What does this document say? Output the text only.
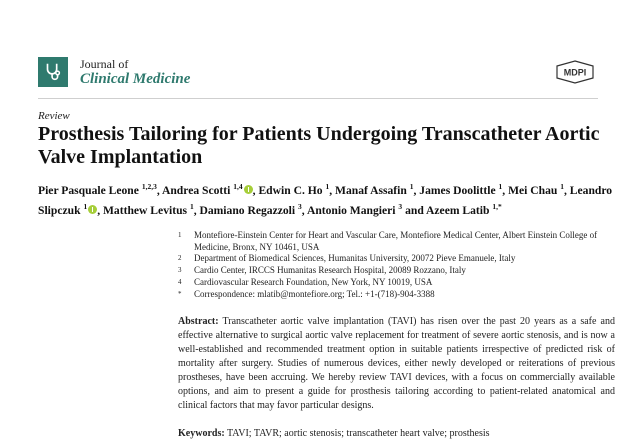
Journal of
Clinical Medicine	MDPI
Review
Prosthesis Tailoring for Patients Undergoing Transcatheter Aortic Valve Implantation
Pier Pasquale Leone $^{1,2,3}$, Andrea Scotti $^{1,4}$ , Edwin C. Ho $^1$, Manaf Assafin $^1$, James Doolittle $^1$, Mei Chau $^1$, Leandro Slipczuk $^1$ , Matthew Levitus $^1$, Damiano Regazzoli $^3$, Antonio Mangieri $^3$ and Azeem Latib $^{1,*}$
1	Montefiore-Einstein Center for Heart and Vascular Care, Montefiore Medical Center, Albert Einstein College of Medicine, Bronx, NY 10461, USA
2	Department of Biomedical Sciences, Humanitas University, 20072 Pieve Emanuele, Italy
3	Cardio Center, IRCCS Humanitas Research Hospital, 20089 Rozzano, Italy
4	Cardiovascular Research Foundation, New York, NY 10019, USA
*	Correspondence: mlatib@montefiore.org; Tel.: +1-(718)-904-3388

Abstract: Transcatheter aortic valve implantation (TAVI) has risen over the past 20 years as a safe and effective alternative to surgical aortic valve replacement for treatment of severe aortic stenosis, and is now a well-established and recommended treatment option in suitable patients irrespective of predicted risk of mortality after surgery. Studies of numerous devices, either newly developed or reiterations of previous prostheses, have been accruing. We hereby review TAVI devices, with a focus on commercially available options, and aim to present a guide for prosthesis tailoring according to patient-related anatomical and clinical factors that may favor particular designs.

Keywords: TAVI; TAVR; aortic stenosis; transcatheter heart valve; prosthesis
